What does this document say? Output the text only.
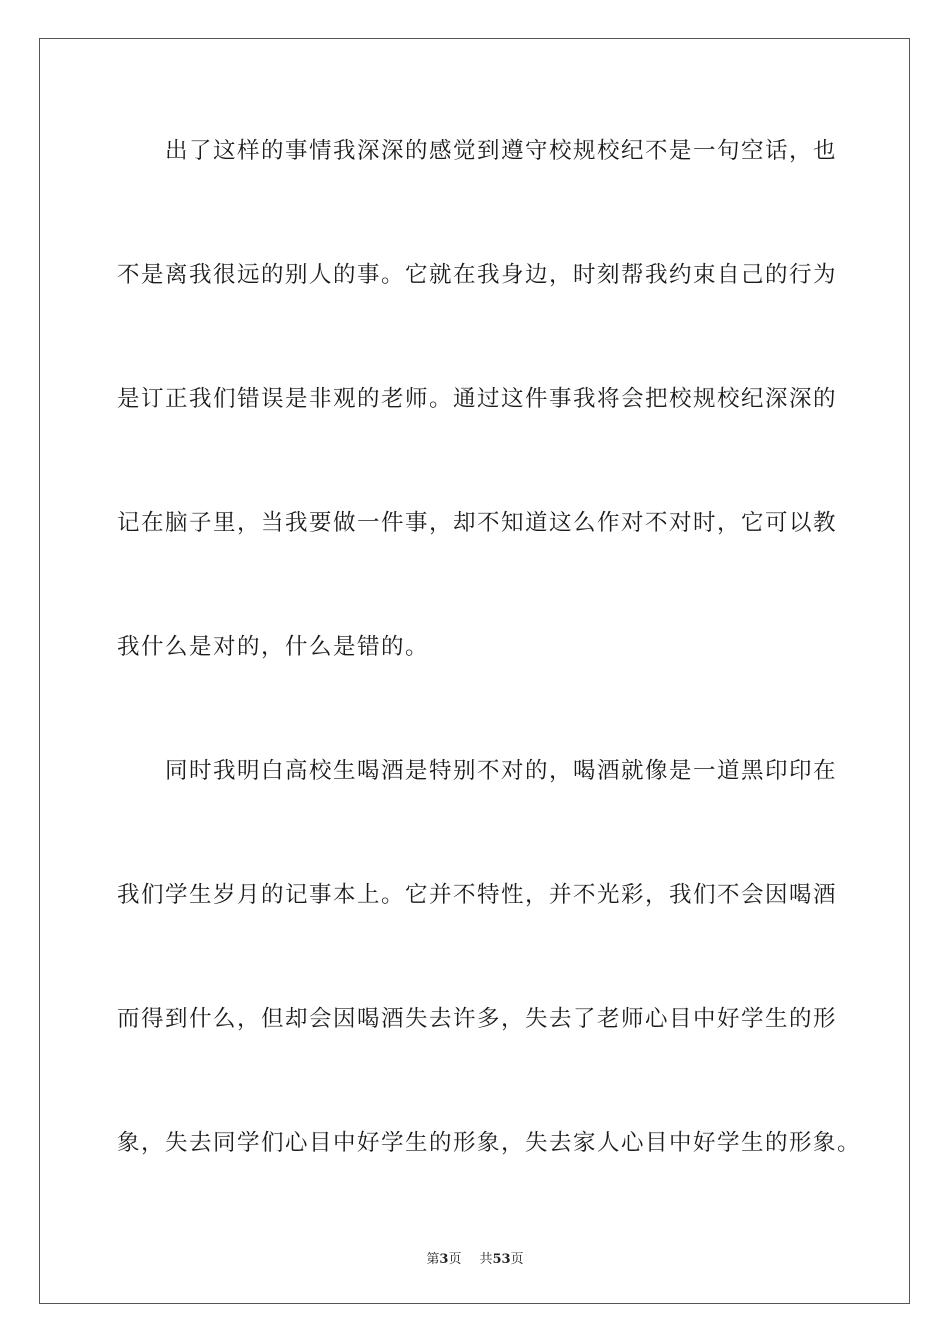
　　出了这样的事情我深深的感觉到遵守校规校纪不是一句空话，也
不是离我很远的别人的事。它就在我身边，时刻帮我约束自己的行为
是订正我们错误是非观的老师。通过这件事我将会把校规校纪深深的
记在脑子里，当我要做一件事，却不知道这么作对不对时，它可以教
我什么是对的，什么是错的。
　　同时我明白高校生喝酒是特别不对的，喝酒就像是一道黑印印在
我们学生岁月的记事本上。它并不特性，并不光彩，我们不会因喝酒
而得到什么，但却会因喝酒失去许多，失去了老师心目中好学生的形
象，失去同学们心目中好学生的形象，失去家人心目中好学生的形象。
第3页 共53页
